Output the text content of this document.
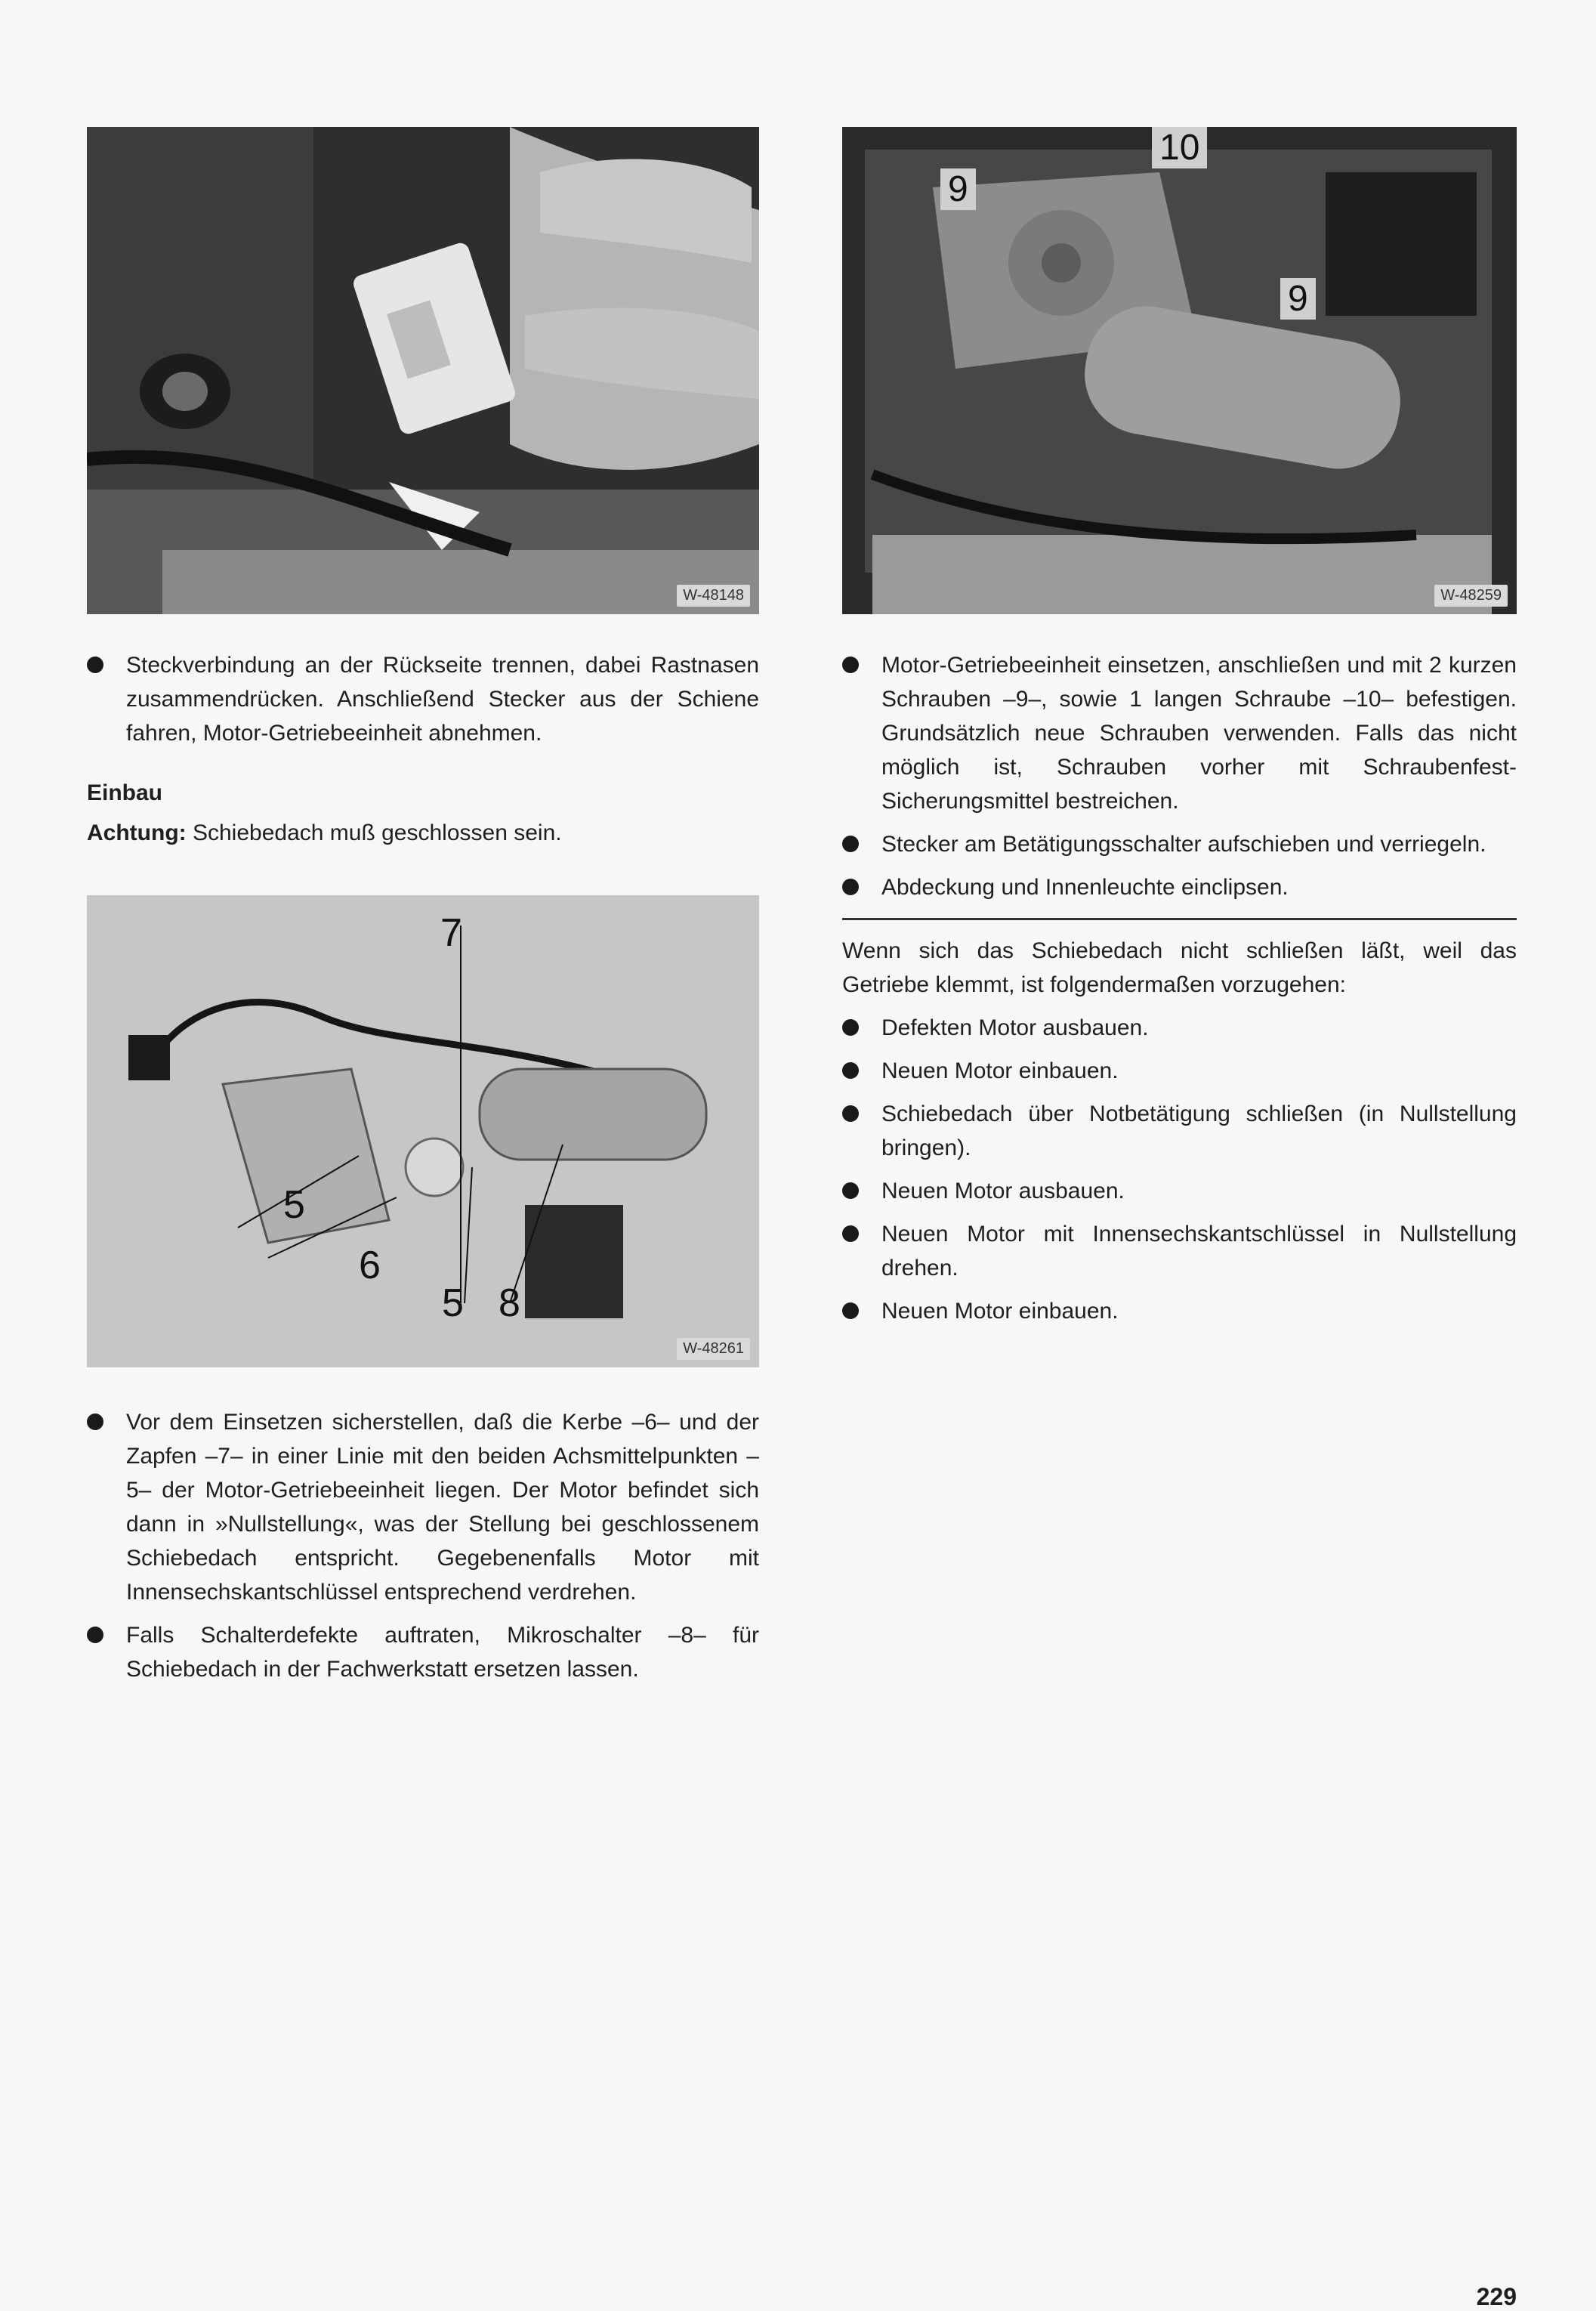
W-48148
10
9
9
W-48259
7
5
6
5 8
W-48261
Steckverbindung an der Rückseite trennen, dabei Rastnasen zusammendrücken. Anschließend Stecker aus der Schiene fahren, Motor-Getriebeeinheit abnehmen.
Einbau
Achtung: Schiebedach muß geschlossen sein.
Vor dem Einsetzen sicherstellen, daß die Kerbe –6– und der Zapfen –7– in einer Linie mit den beiden Achsmittelpunkten –5– der Motor-Getriebeeinheit liegen. Der Motor befindet sich dann in »Nullstellung«, was der Stellung bei geschlossenem Schiebedach entspricht. Gegebenenfalls Motor mit Innensechskantschlüssel entsprechend verdrehen.
Falls Schalterdefekte auftraten, Mikroschalter –8– für Schiebedach in der Fachwerkstatt ersetzen lassen.
Motor-Getriebeeinheit einsetzen, anschließen und mit 2 kurzen Schrauben –9–, sowie 1 langen Schraube –10– befestigen. Grundsätzlich neue Schrauben verwenden. Falls das nicht möglich ist, Schrauben vorher mit Schraubenfest-Sicherungsmittel bestreichen.
Stecker am Betätigungsschalter aufschieben und verriegeln.
Abdeckung und Innenleuchte einclipsen.
Wenn sich das Schiebedach nicht schließen läßt, weil das Getriebe klemmt, ist folgendermaßen vorzugehen:
Defekten Motor ausbauen.
Neuen Motor einbauen.
Schiebedach über Notbetätigung schließen (in Nullstellung bringen).
Neuen Motor ausbauen.
Neuen Motor mit Innensechskantschlüssel in Nullstellung drehen.
Neuen Motor einbauen.
229
